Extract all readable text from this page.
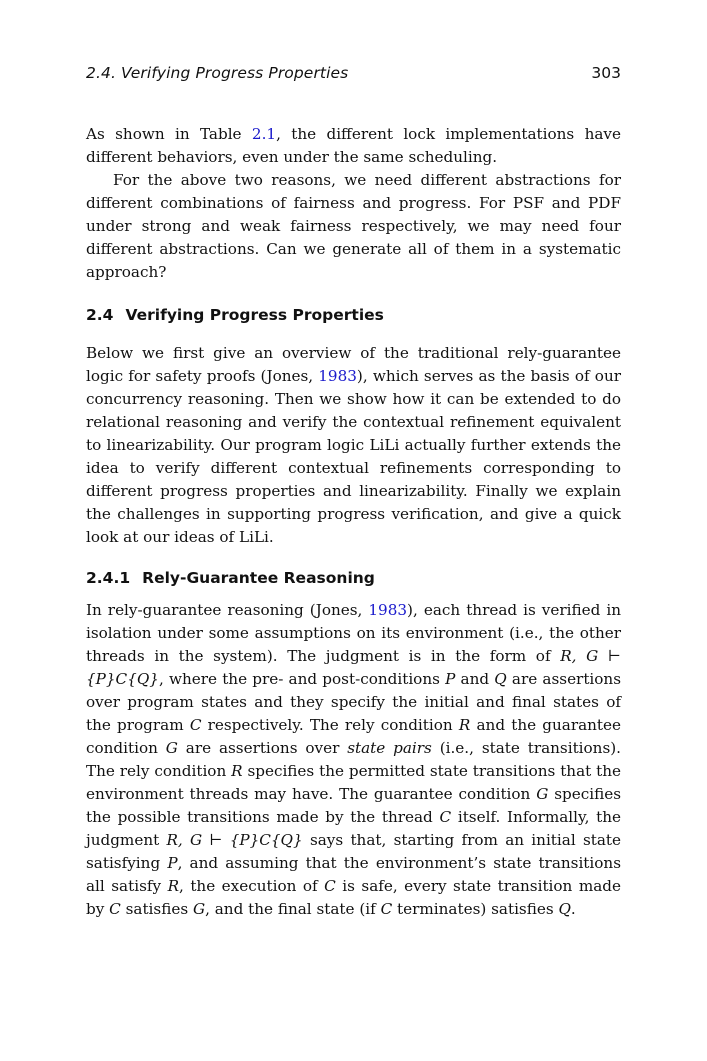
2.4. Verifying Progress Properties	303

As shown in Table 2.1, the different lock implementations have different behaviors, even under the same scheduling.

For the above two reasons, we need different abstractions for different combinations of fairness and progress. For PSF and PDF under strong and weak fairness respectively, we may need four different abstractions. Can we generate all of them in a systematic approach?

2.4 Verifying Progress Properties

Below we first give an overview of the traditional rely-guarantee logic for safety proofs (Jones, 1983), which serves as the basis of our concurrency reasoning. Then we show how it can be extended to do relational reasoning and verify the contextual refinement equivalent to linearizability. Our program logic LiLi actually further extends the idea to verify different contextual refinements corresponding to different progress properties and linearizability. Finally we explain the challenges in supporting progress verification, and give a quick look at our ideas of LiLi.

2.4.1 Rely-Guarantee Reasoning

In rely-guarantee reasoning (Jones, 1983), each thread is verified in isolation under some assumptions on its environment (i.e., the other threads in the system). The judgment is in the form of R, G ⊢ {P}C{Q}, where the pre- and post-conditions P and Q are assertions over program states and they specify the initial and final states of the program C respectively. The rely condition R and the guarantee condition G are assertions over state pairs (i.e., state transitions). The rely condition R specifies the permitted state transitions that the environment threads may have. The guarantee condition G specifies the possible transitions made by the thread C itself. Informally, the judgment R, G ⊢ {P}C{Q} says that, starting from an initial state satisfying P, and assuming that the environment’s state transitions all satisfy R, the execution of C is safe, every state transition made by C satisfies G, and the final state (if C terminates) satisfies Q.
